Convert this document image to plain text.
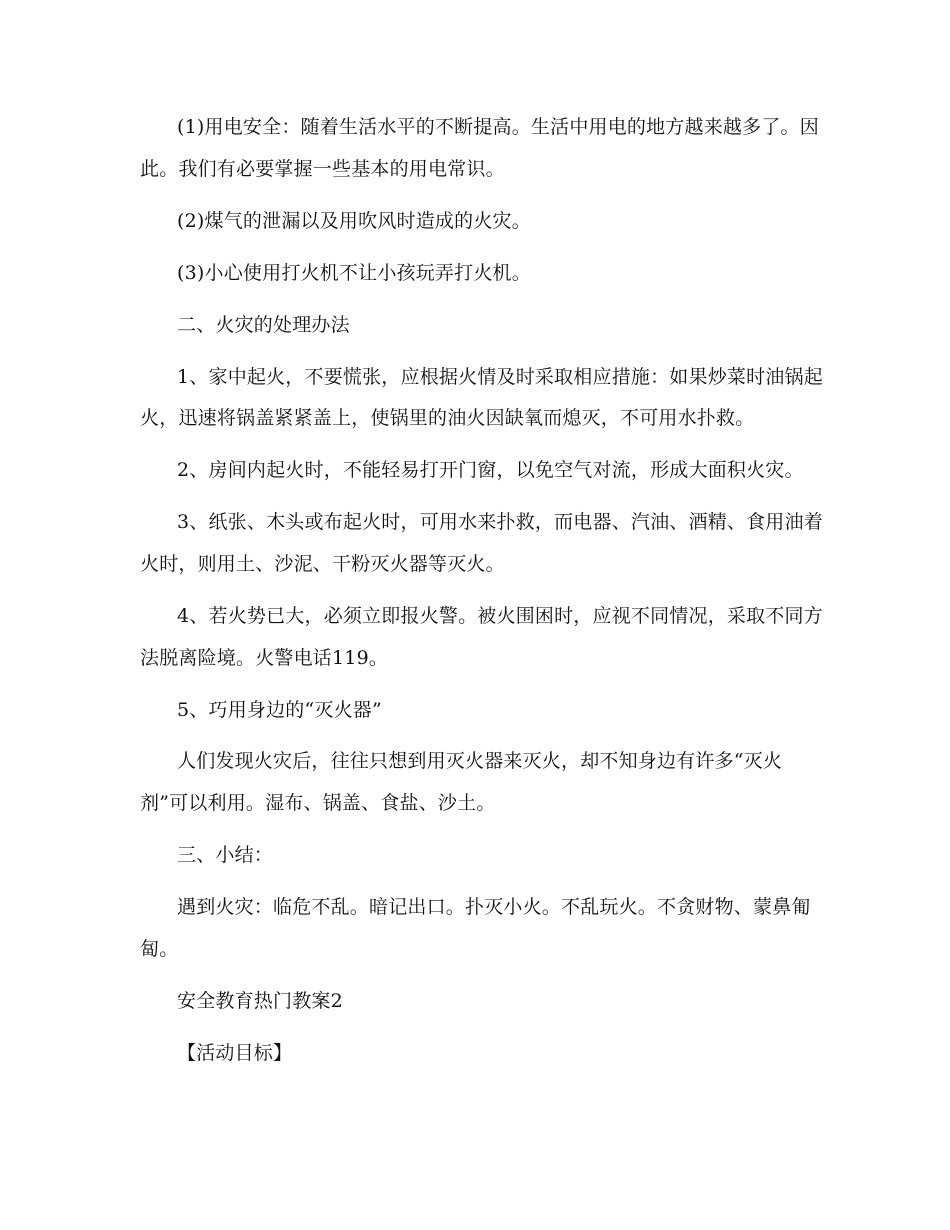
(1)用电安全：随着生活水平的不断提高。生活中用电的地方越来越多了。因
此。我们有必要掌握一些基本的用电常识。
(2)煤气的泄漏以及用吹风时造成的火灾。
(3)小心使用打火机不让小孩玩弄打火机。
二、火灾的处理办法
1、家中起火，不要慌张，应根据火情及时采取相应措施：如果炒菜时油锅起
火，迅速将锅盖紧紧盖上，使锅里的油火因缺氧而熄灭，不可用水扑救。
2、房间内起火时，不能轻易打开门窗，以免空气对流，形成大面积火灾。
3、纸张、木头或布起火时，可用水来扑救，而电器、汽油、酒精、食用油着
火时，则用土、沙泥、干粉灭火器等灭火。
4、若火势已大，必须立即报火警。被火围困时，应视不同情况，采取不同方
法脱离险境。火警电话119。
5、巧用身边的“灭火器”
人们发现火灾后，往往只想到用灭火器来灭火，却不知身边有许多“灭火
剂”可以利用。湿布、锅盖、食盐、沙土。
三、小结：
遇到火灾：临危不乱。暗记出口。扑灭小火。不乱玩火。不贪财物、蒙鼻匍
匐。
安全教育热门教案2
【活动目标】
